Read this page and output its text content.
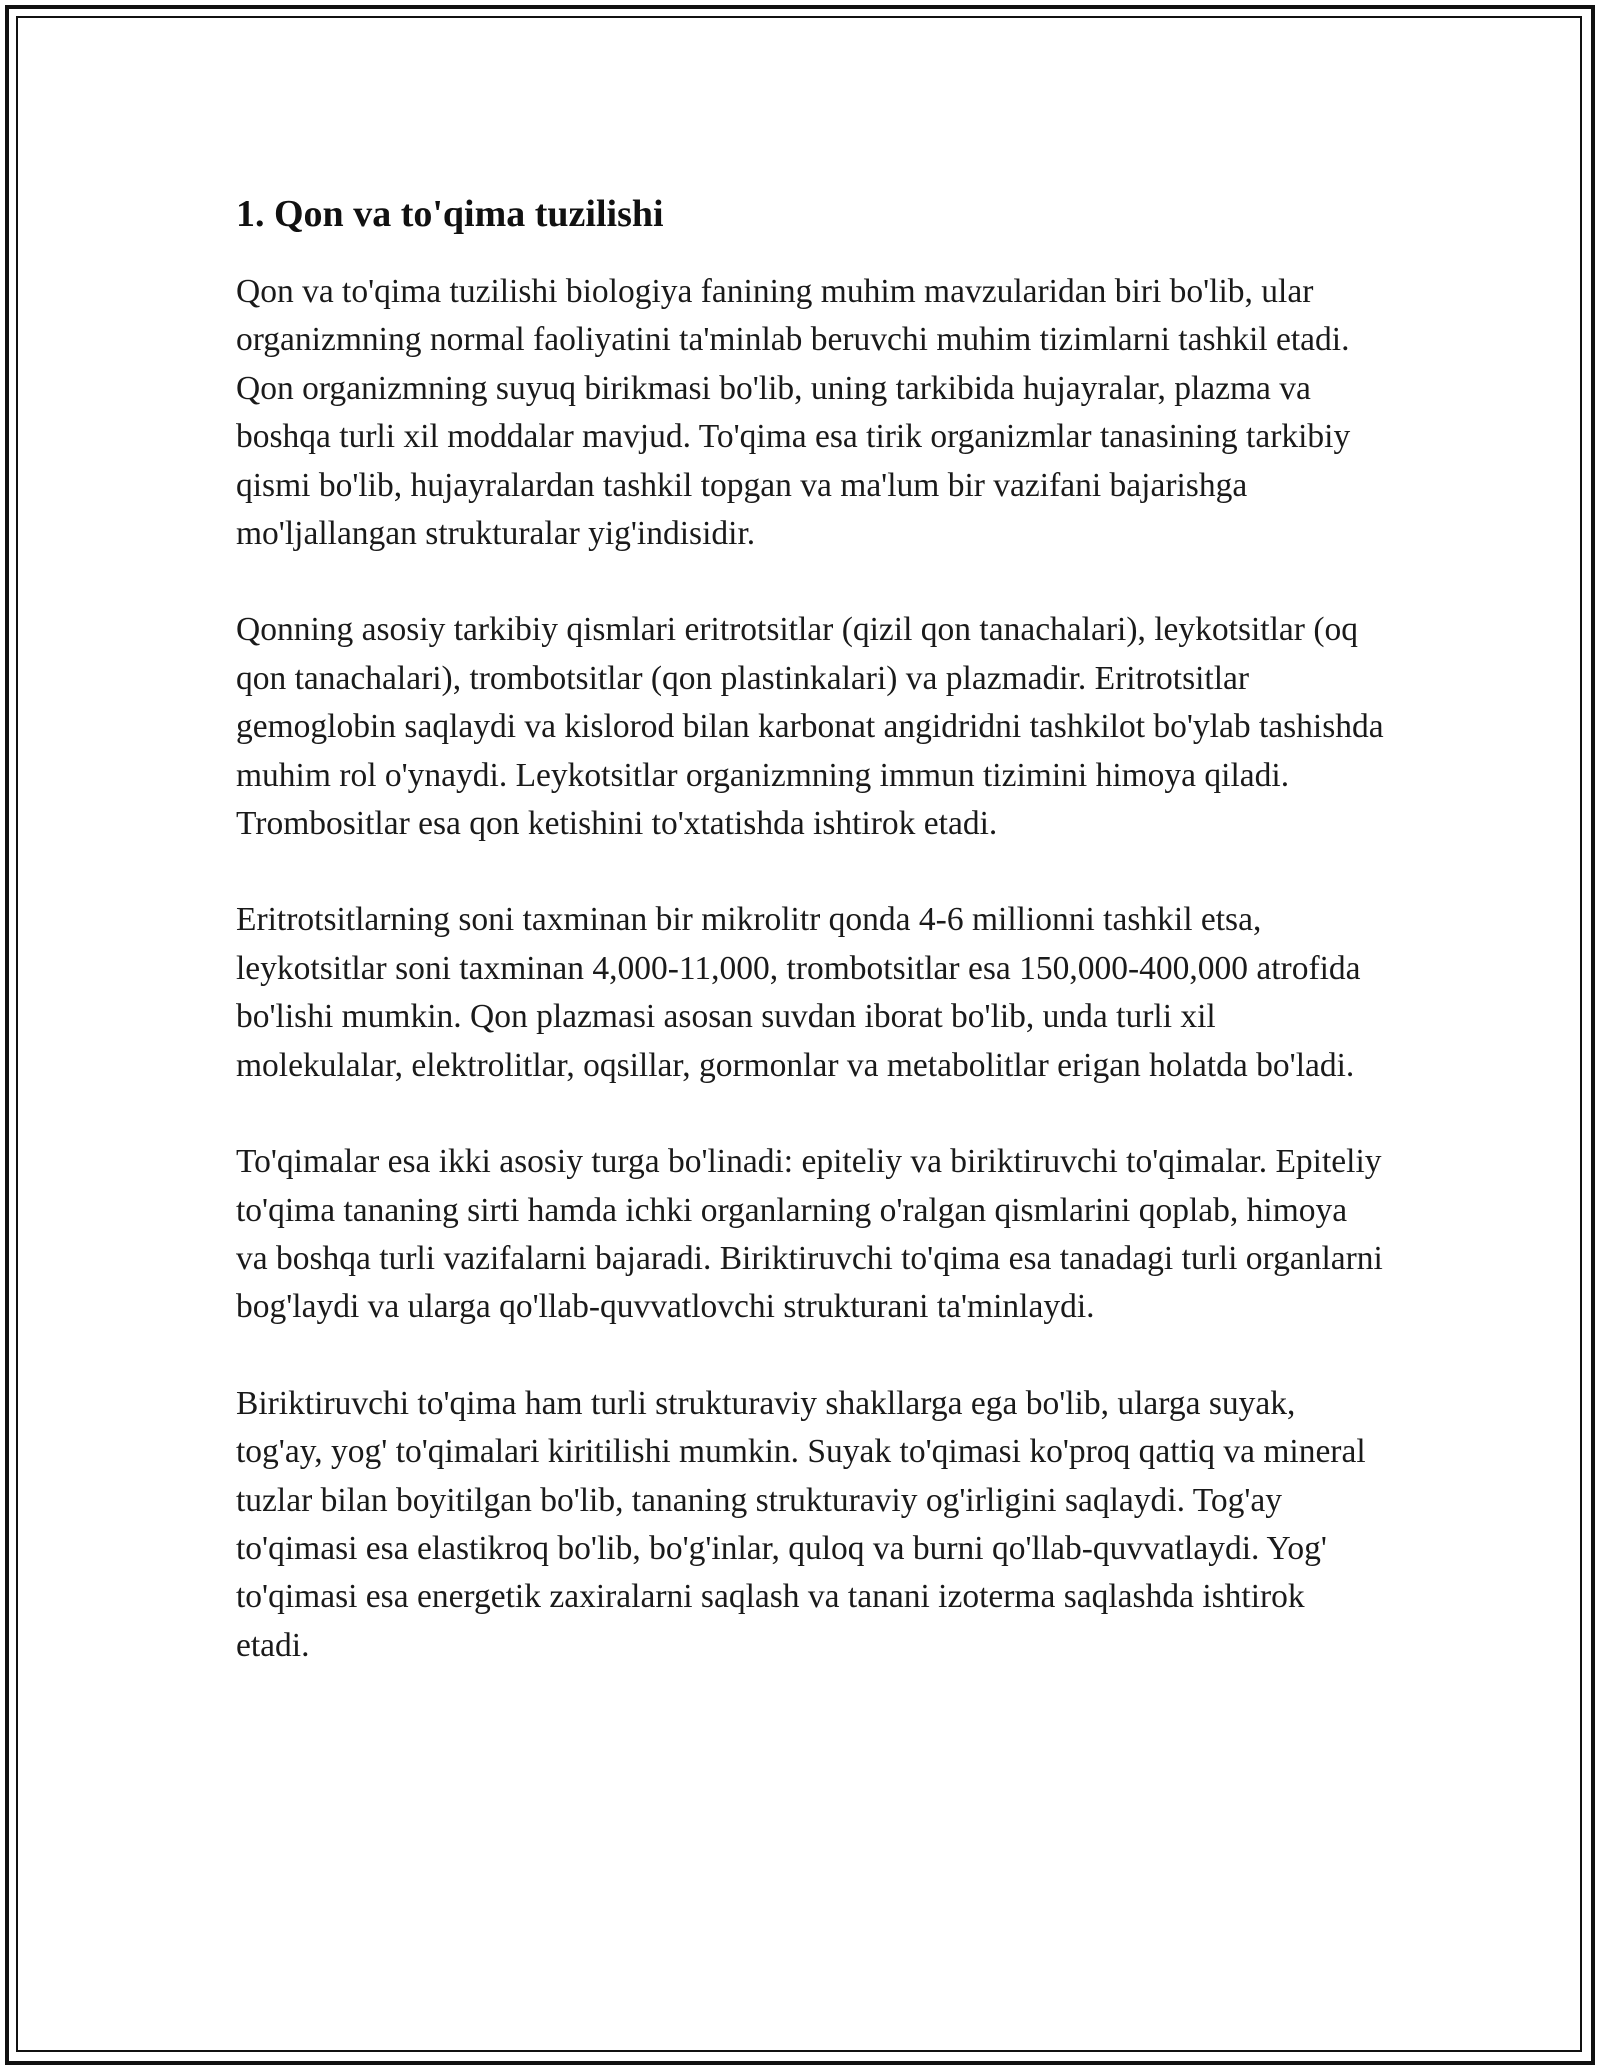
1. Qon va to'qima tuzilishi

Qon va to'qima tuzilishi biologiya fanining muhim mavzularidan biri bo'lib, ular organizmning normal faoliyatini ta'minlab beruvchi muhim tizimlarni tashkil etadi. Qon organizmning suyuq birikmasi bo'lib, uning tarkibida hujayralar, plazma va boshqa turli xil moddalar mavjud. To'qima esa tirik organizmlar tanasining tarkibiy qismi bo'lib, hujayralardan tashkil topgan va ma'lum bir vazifani bajarishga mo'ljallangan strukturalar yig'indisidir.

Qonning asosiy tarkibiy qismlari eritrotsitlar (qizil qon tanachalari), leykotsitlar (oq qon tanachalari), trombotsitlar (qon plastinkalari) va plazmadir. Eritrotsitlar gemoglobin saqlaydi va kislorod bilan karbonat angidridni tashkilot bo'ylab tashishda muhim rol o'ynaydi. Leykotsitlar organizmning immun tizimini himoya qiladi. Trombositlar esa qon ketishini to'xtatishda ishtirok etadi.

Eritrotsitlarning soni taxminan bir mikrolitr qonda 4-6 millionni tashkil etsa, leykotsitlar soni taxminan 4,000-11,000, trombotsitlar esa 150,000-400,000 atrofida bo'lishi mumkin. Qon plazmasi asosan suvdan iborat bo'lib, unda turli xil molekulalar, elektrolitlar, oqsillar, gormonlar va metabolitlar erigan holatda bo'ladi.

To'qimalar esa ikki asosiy turga bo'linadi: epiteliy va biriktiruvchi to'qimalar. Epiteliy to'qima tananing sirti hamda ichki organlarning o'ralgan qismlarini qoplab, himoya va boshqa turli vazifalarni bajaradi. Biriktiruvchi to'qima esa tanadagi turli organlarni bog'laydi va ularga qo'llab-quvvatlovchi strukturani ta'minlaydi.

Biriktiruvchi to'qima ham turli strukturaviy shakllarga ega bo'lib, ularga suyak, tog'ay, yog' to'qimalari kiritilishi mumkin. Suyak to'qimasi ko'proq qattiq va mineral tuzlar bilan boyitilgan bo'lib, tananing strukturaviy og'irligini saqlaydi. Tog'ay to'qimasi esa elastikroq bo'lib, bo'g'inlar, quloq va burni qo'llab-quvvatlaydi. Yog' to'qimasi esa energetik zaxiralarni saqlash va tanani izoterma saqlashda ishtirok etadi.
